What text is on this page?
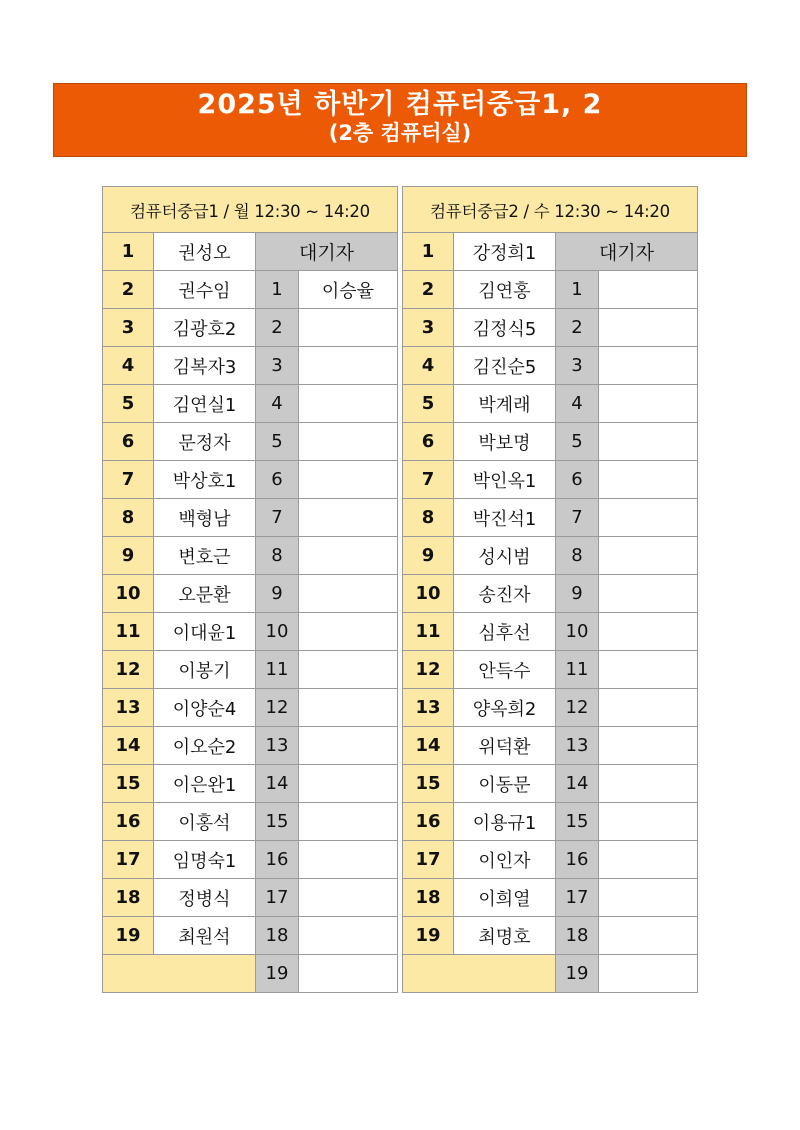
2025년 하반기 컴퓨터중급1, 2
(2층 컴퓨터실)
컴퓨터중급1 / 월 12:30 ~ 14:20			
1	권성오	대기자	
2	권수임	1	이승율
3	김광호2	2	
4	김복자3	3	
5	김연실1	4	
6	문정자	5	
7	박상호1	6	
8	백형남	7	
9	변호근	8	
10	오문환	9	
11	이대윤1	10	
12	이봉기	11	
13	이양순4	12	
14	이오순2	13	
15	이은완1	14	
16	이홍석	15	
17	임명숙1	16	
18	정병식	17	
19	최원석	18	
		19	
컴퓨터중급2 / 수 12:30 ~ 14:20			
1	강정희1	대기자	
2	김연홍	1	
3	김정식5	2	
4	김진순5	3	
5	박계래	4	
6	박보명	5	
7	박인옥1	6	
8	박진석1	7	
9	성시범	8	
10	송진자	9	
11	심후선	10	
12	안득수	11	
13	양옥희2	12	
14	위덕환	13	
15	이동문	14	
16	이용규1	15	
17	이인자	16	
18	이희열	17	
19	최명호	18	
		19	
